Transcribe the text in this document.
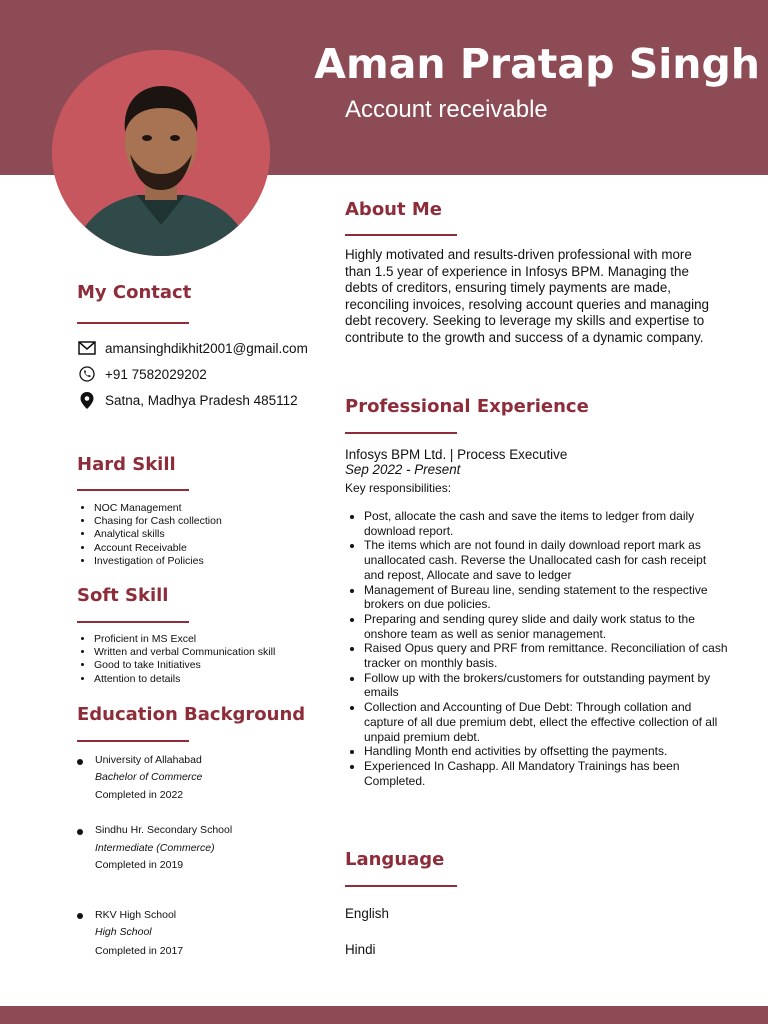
Aman Pratap Singh
Account receivable
My Contact
amansinghdikhit2001@gmail.com
+91 7582029202
Satna, Madhya Pradesh 485112
Hard Skill
• NOC Management
• Chasing for Cash collection
• Analytical skills
• Account Receivable
• Investigation of Policies
Soft Skill
• Proficient in MS Excel
• Written and verbal Communication skill
• Good to take Initiatives
• Attention to details
Education Background
University of Allahabad
Bachelor of Commerce
Completed in 2022
Sindhu Hr. Secondary School
Intermediate (Commerce)
Completed in 2019
RKV High School
High School
Completed in 2017
About Me
Highly motivated and results-driven professional with more than 1.5 year of experience in Infosys BPM. Managing the debts of creditors, ensuring timely payments are made, reconciling invoices, resolving account queries and managing debt recovery. Seeking to leverage my skills and expertise to contribute to the growth and success of a dynamic company.
Professional Experience
Infosys BPM Ltd. | Process Executive
Sep 2022 - Present
Key responsibilities:
• Post, allocate the cash and save the items to ledger from daily download report.
• The items which are not found in daily download report mark as unallocated cash. Reverse the Unallocated cash for cash receipt and repost, Allocate and save to ledger
• Management of Bureau line, sending statement to the respective brokers on due policies.
• Preparing and sending qurey slide and daily work status to the onshore team as well as senior management.
• Raised Opus query and PRF from remittance. Reconciliation of cash tracker on monthly basis.
• Follow up with the brokers/customers for outstanding payment by emails
• Collection and Accounting of Due Debt: Through collation and capture of all due premium debt, ellect the effective collection of all unpaid premium debt.
• Handling Month end activities by offsetting the payments.
• Experienced In Cashapp. All Mandatory Trainings has been Completed.
Language
English
Hindi
